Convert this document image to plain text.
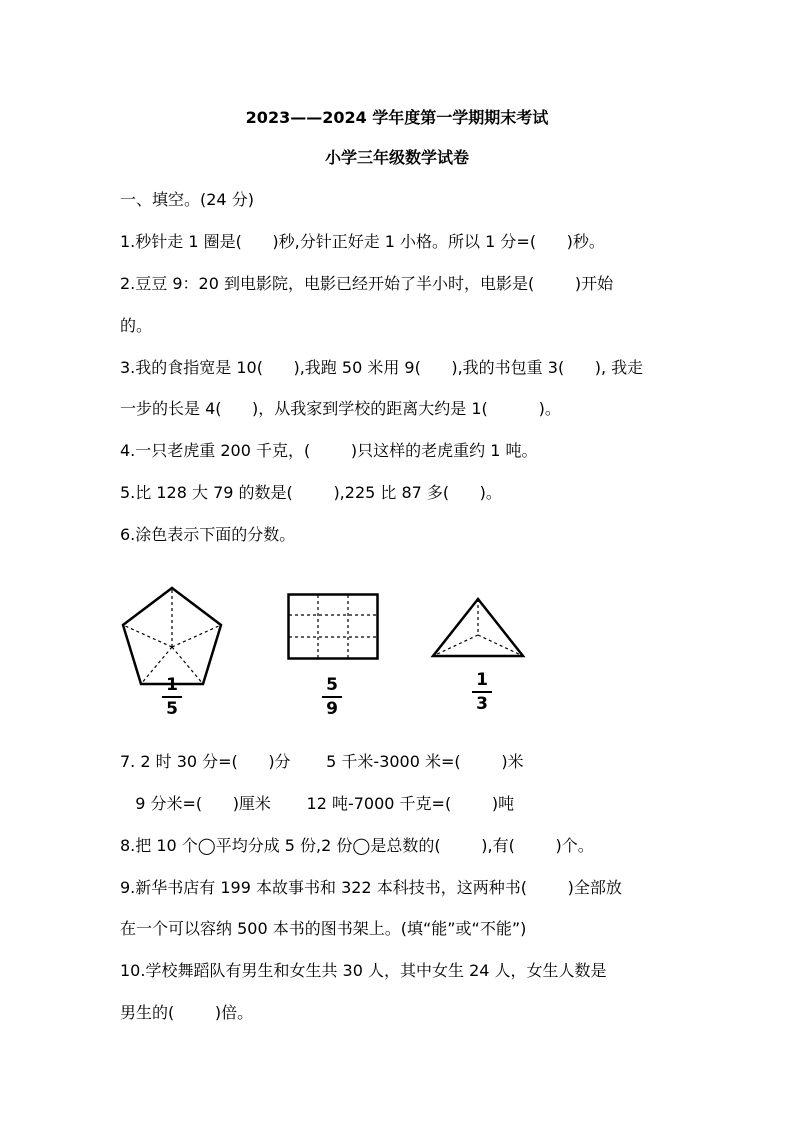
2023——2024 学年度第一学期期末考试
小学三年级数学试卷
一、填空。(24 分)
1.秒针走 1 圈是(      )秒,分针正好走 1 小格。所以 1 分=(      )秒。
2.豆豆 9：20 到电影院，电影已经开始了半小时，电影是(        )开始
的。
3.我的食指宽是 10(      ),我跑 50 米用 9(      ),我的书包重 3(      ), 我走
一步的长是 4(      )，从我家到学校的距离大约是 1(          )。
4.一只老虎重 200 千克，(        )只这样的老虎重约 1 吨。
5.比 128 大 79 的数是(        ),225 比 87 多(      )。
6.涂色表示下面的分数。
1
5
5
9
1
3
7. 2 时 30 分=(      )分       5 千米-3000 米=(        )米
9 分米=(      )厘米       12 吨-7000 千克=(        )吨
8.把 10 个◯平均分成 5 份,2 份◯是总数的(        ),有(        )个。
9.新华书店有 199 本故事书和 322 本科技书，这两种书(        )全部放
在一个可以容纳 500 本书的图书架上。(填“能”或“不能”)
10.学校舞蹈队有男生和女生共 30 人，其中女生 24 人，女生人数是
男生的(        )倍。
